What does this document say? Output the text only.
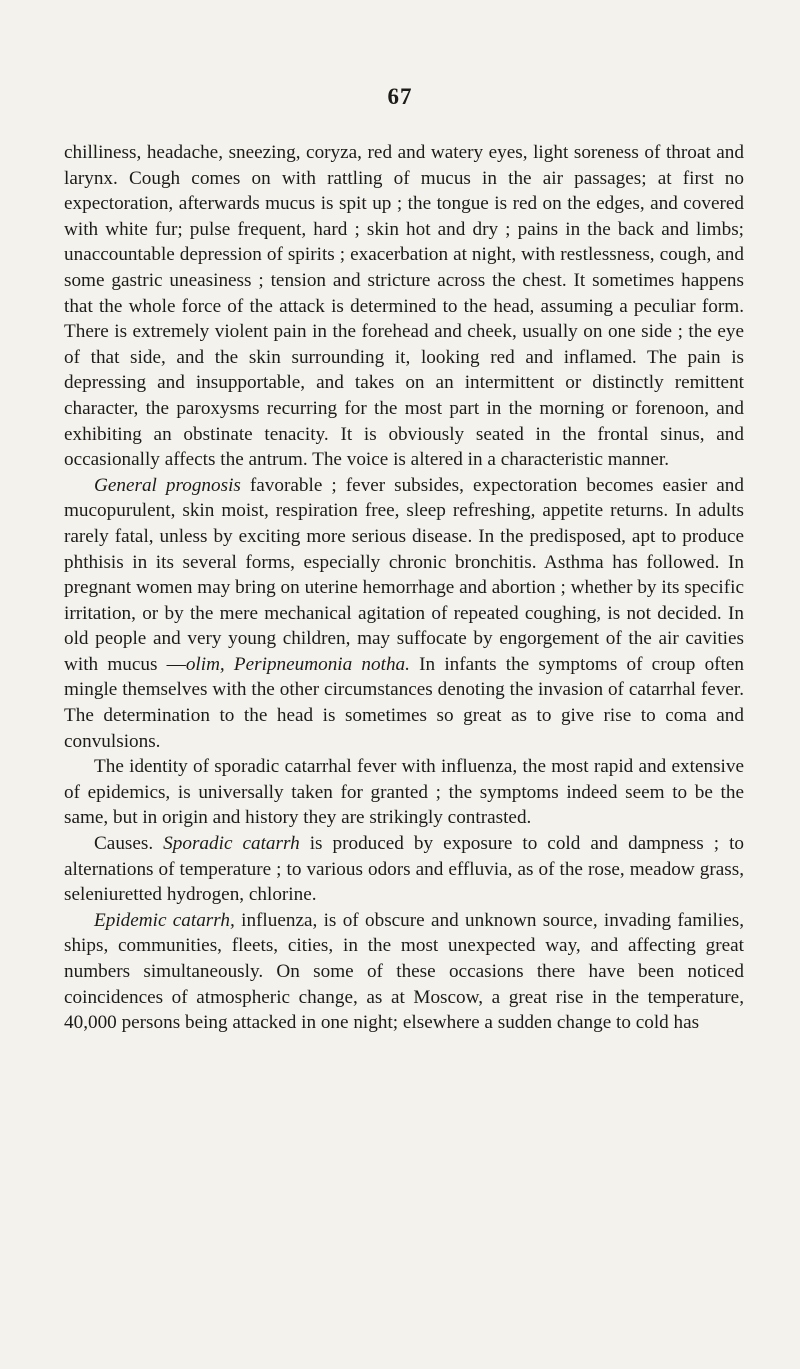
67

chilliness, headache, sneezing, coryza, red and watery eyes, light soreness of throat and larynx. Cough comes on with rattling of mucus in the air passages; at first no expectoration, afterwards mucus is spit up ; the tongue is red on the edges, and covered with white fur; pulse frequent, hard ; skin hot and dry ; pains in the back and limbs; unaccountable depression of spirits ; exacerbation at night, with restlessness, cough, and some gastric uneasiness ; tension and stricture across the chest. It sometimes happens that the whole force of the attack is determined to the head, assuming a peculiar form. There is extremely violent pain in the forehead and cheek, usually on one side ; the eye of that side, and the skin surrounding it, looking red and inflamed. The pain is depressing and insupportable, and takes on an intermittent or distinctly remittent character, the paroxysms recurring for the most part in the morning or forenoon, and exhibiting an obstinate tenacity. It is obviously seated in the frontal sinus, and occasionally affects the antrum. The voice is altered in a characteristic manner.

General prognosis favorable ; fever subsides, expectoration becomes easier and mucopurulent, skin moist, respiration free, sleep refreshing, appetite returns. In adults rarely fatal, unless by exciting more serious disease. In the predisposed, apt to produce phthisis in its several forms, especially chronic bronchitis. Asthma has followed. In pregnant women may bring on uterine hemorrhage and abortion ; whether by its specific irritation, or by the mere mechanical agitation of repeated coughing, is not decided. In old people and very young children, may suffocate by engorgement of the air cavities with mucus —olim, Peripneumonia notha. In infants the symptoms of croup often mingle themselves with the other circumstances denoting the invasion of catarrhal fever. The determination to the head is sometimes so great as to give rise to coma and convulsions.

The identity of sporadic catarrhal fever with influenza, the most rapid and extensive of epidemics, is universally taken for granted ; the symptoms indeed seem to be the same, but in origin and history they are strikingly contrasted.

Causes. Sporadic catarrh is produced by exposure to cold and dampness ; to alternations of temperature ; to various odors and effluvia, as of the rose, meadow grass, seleniuretted hydrogen, chlorine.

Epidemic catarrh, influenza, is of obscure and unknown source, invading families, ships, communities, fleets, cities, in the most unexpected way, and affecting great numbers simultaneously. On some of these occasions there have been noticed coincidences of atmospheric change, as at Moscow, a great rise in the temperature, 40,000 persons being attacked in one night; elsewhere a sudden change to cold has
